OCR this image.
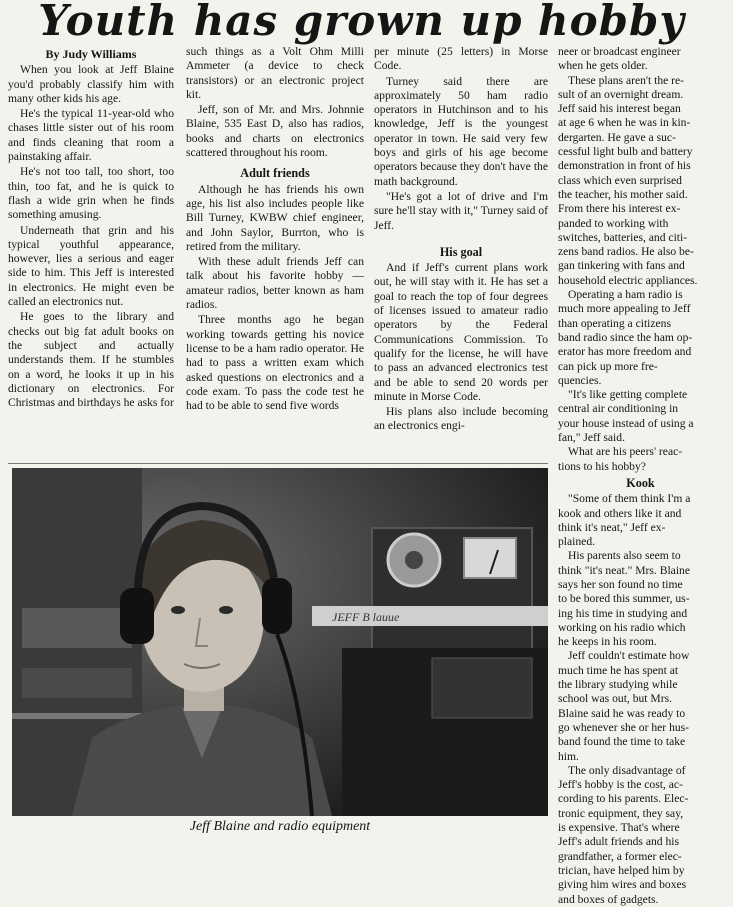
Youth has grown up hobby

By Judy Williams

When you look at Jeff Blaine you'd probably classify him with many other kids his age.

He's the typical 11-year-old who chases little sister out of his room and finds cleaning that room a painstaking affair.

He's not too tall, too short, too thin, too fat, and he is quick to flash a wide grin when he finds something amusing.

Underneath that grin and his typical youthful appearance, however, lies a serious and eager side to him. This Jeff is interested in electronics. He might even be called an electronics nut.

He goes to the library and checks out big fat adult books on the subject and actually understands them. If he stumbles on a word, he looks it up in his dictionary on electronics. For Christmas and birthdays he asks for

such things as a Volt Ohm Milli Ammeter (a device to check transistors) or an electronic project kit.

Jeff, son of Mr. and Mrs. Johnnie Blaine, 535 East D, also has radios, books and charts on electronics scattered throughout his room.

Adult friends

Although he has friends his own age, his list also includes people like Bill Turney, KWBW chief engineer, and John Saylor, Burrton, who is retired from the military.

With these adult friends Jeff can talk about his favorite hobby — amateur radios, better known as ham radios.

Three months ago he began working towards getting his novice license to be a ham radio operator. He had to pass a written exam which asked questions on electronics and a code exam. To pass the code test he had to be able to send five words

per minute (25 letters) in Morse Code.

Turney said there are approximately 50 ham radio operators in Hutchinson and to his knowledge, Jeff is the youngest operator in town. He said very few boys and girls of his age become operators because they don't have the math background.

"He's got a lot of drive and I'm sure he'll stay with it," Turney said of Jeff.

His goal

And if Jeff's current plans work out, he will stay with it. He has set a goal to reach the top of four degrees of licenses issued to amateur radio operators by the Federal Communications Commission. To qualify for the license, he will have to pass an advanced electronics test and be able to send 20 words per minute in Morse Code.

His plans also include becoming an electronics engi-

neer or broadcast engineer

when he gets older.

These plans aren't the re-

sult of an overnight dream.

Jeff said his interest began

at age 6 when he was in kin-

dergarten. He gave a suc-

cessful light bulb and battery

demonstration in front of his

class which even surprised

the teacher, his mother said.

From there his interest ex-

panded to working with

switches, batteries, and citi-

zens band radios. He also be-

gan tinkering with fans and

household electric appliances.

Operating a ham radio is

much more appealing to Jeff

than operating a citizens

band radio since the ham op-

erator has more freedom and

can pick up more fre-

quencies.

"It's like getting complete

central air conditioning in

your house instead of using a

fan," Jeff said.

What are his peers' reac-

tions to his hobby?

Kook

"Some of them think I'm a

kook and others like it and

think it's neat," Jeff ex-

plained.

His parents also seem to

think "it's neat." Mrs. Blaine

says her son found no time

to be bored this summer, us-

ing his time in studying and

working on his radio which

he keeps in his room.

Jeff couldn't estimate how

much time he has spent at

the library studying while

school was out, but Mrs.

Blaine said he was ready to

go whenever she or her hus-

band found the time to take

him.

The only disadvantage of

Jeff's hobby is the cost, ac-

cording to his parents. Elec-

tronic equipment, they say,

is expensive. That's where

Jeff's adult friends and his

grandfather, a former elec-

trician, have helped him by

giving him wires and boxes

and boxes of gadgets.

JEFF B lauue
Jeff Blaine and radio equipment
